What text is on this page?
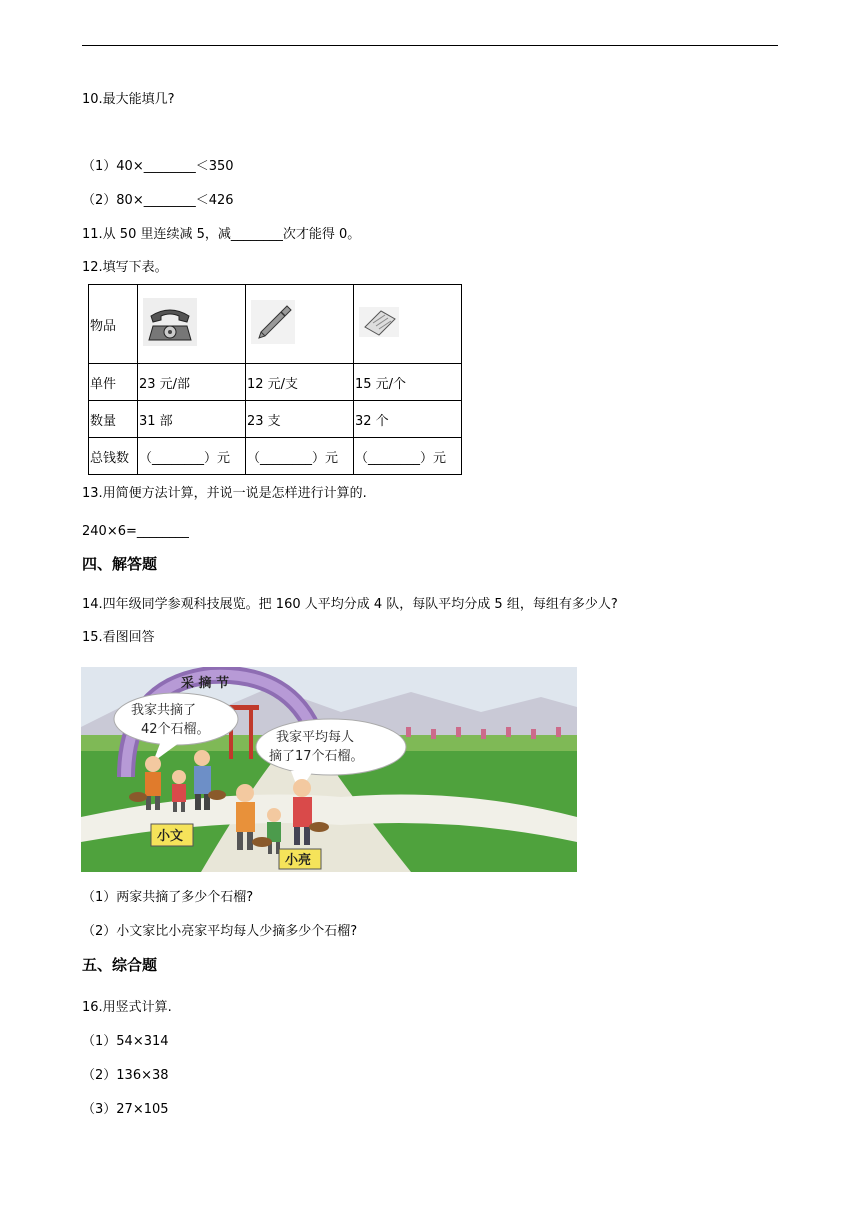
10.最大能填几?
（1）40×________＜350
（2）80×________＜426
11.从 50 里连续减 5，减________次才能得 0。
12.填写下表。
物品			
单件	23 元/部	12 元/支	15 元/个
数量	31 部	23 支	32 个
总钱数	（________）元	（________）元	（________）元
13.用简便方法计算，并说一说是怎样进行计算的.
240×6=________
四、解答题
14.四年级同学参观科技展览。把 160 人平均分成 4 队，每队平均分成 5 组，每组有多少人?
15.看图回答
采 摘 节
我家共摘了
42个石榴。
我家平均每人
摘了17个石榴。
小文
小亮
（1）两家共摘了多少个石榴?
（2）小文家比小亮家平均每人少摘多少个石榴?
五、综合题
16.用竖式计算.
（1）54×314
（2）136×38
（3）27×105
